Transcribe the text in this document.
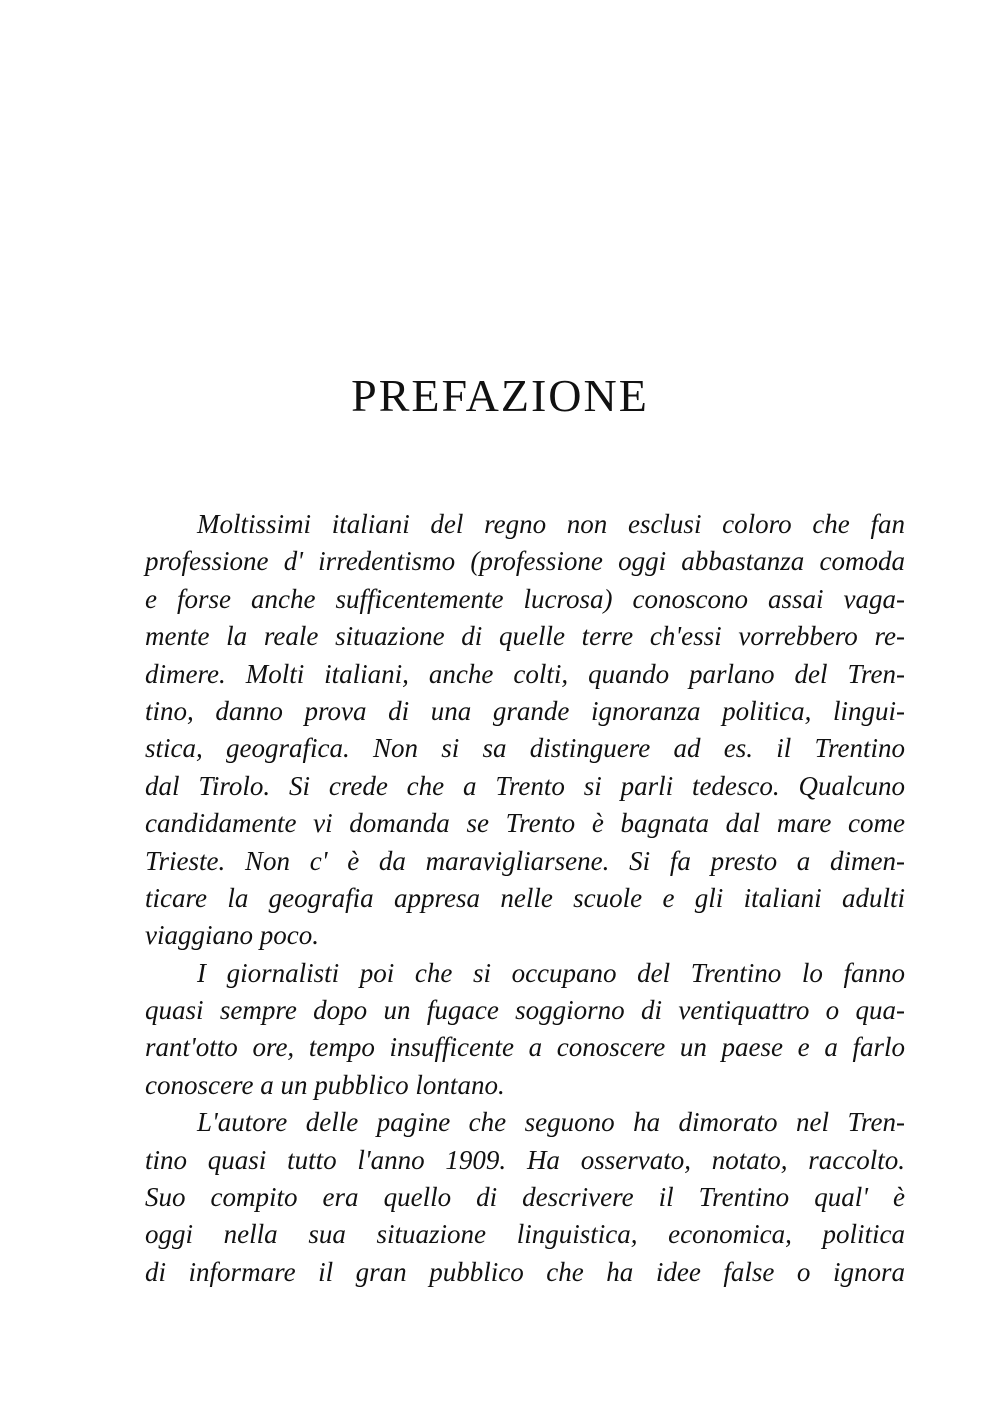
PREFAZIONE
Moltissimi italiani del regno non esclusi coloro che fan
professione d' irredentismo (professione oggi abbastanza comoda
e forse anche sufficentemente lucrosa) conoscono assai vaga-
mente la reale situazione di quelle terre ch'essi vorrebbero re-
dimere. Molti italiani, anche colti, quando parlano del Tren-
tino, danno prova di una grande ignoranza politica, lingui-
stica, geografica. Non si sa distinguere ad es. il Trentino
dal Tirolo. Si crede che a Trento si parli tedesco. Qualcuno
candidamente vi domanda se Trento è bagnata dal mare come
Trieste. Non c' è da maravigliarsene. Si fa presto a dimen-
ticare la geografia appresa nelle scuole e gli italiani adulti
viaggiano poco.
I giornalisti poi che si occupano del Trentino lo fanno
quasi sempre dopo un fugace soggiorno di ventiquattro o qua-
rant'otto ore, tempo insufficente a conoscere un paese e a farlo
conoscere a un pubblico lontano.
L'autore delle pagine che seguono ha dimorato nel Tren-
tino quasi tutto l'anno 1909. Ha osservato, notato, raccolto.
Suo compito era quello di descrivere il Trentino qual' è
oggi nella sua situazione linguistica, economica, politica
di informare il gran pubblico che ha idee false o ignora
